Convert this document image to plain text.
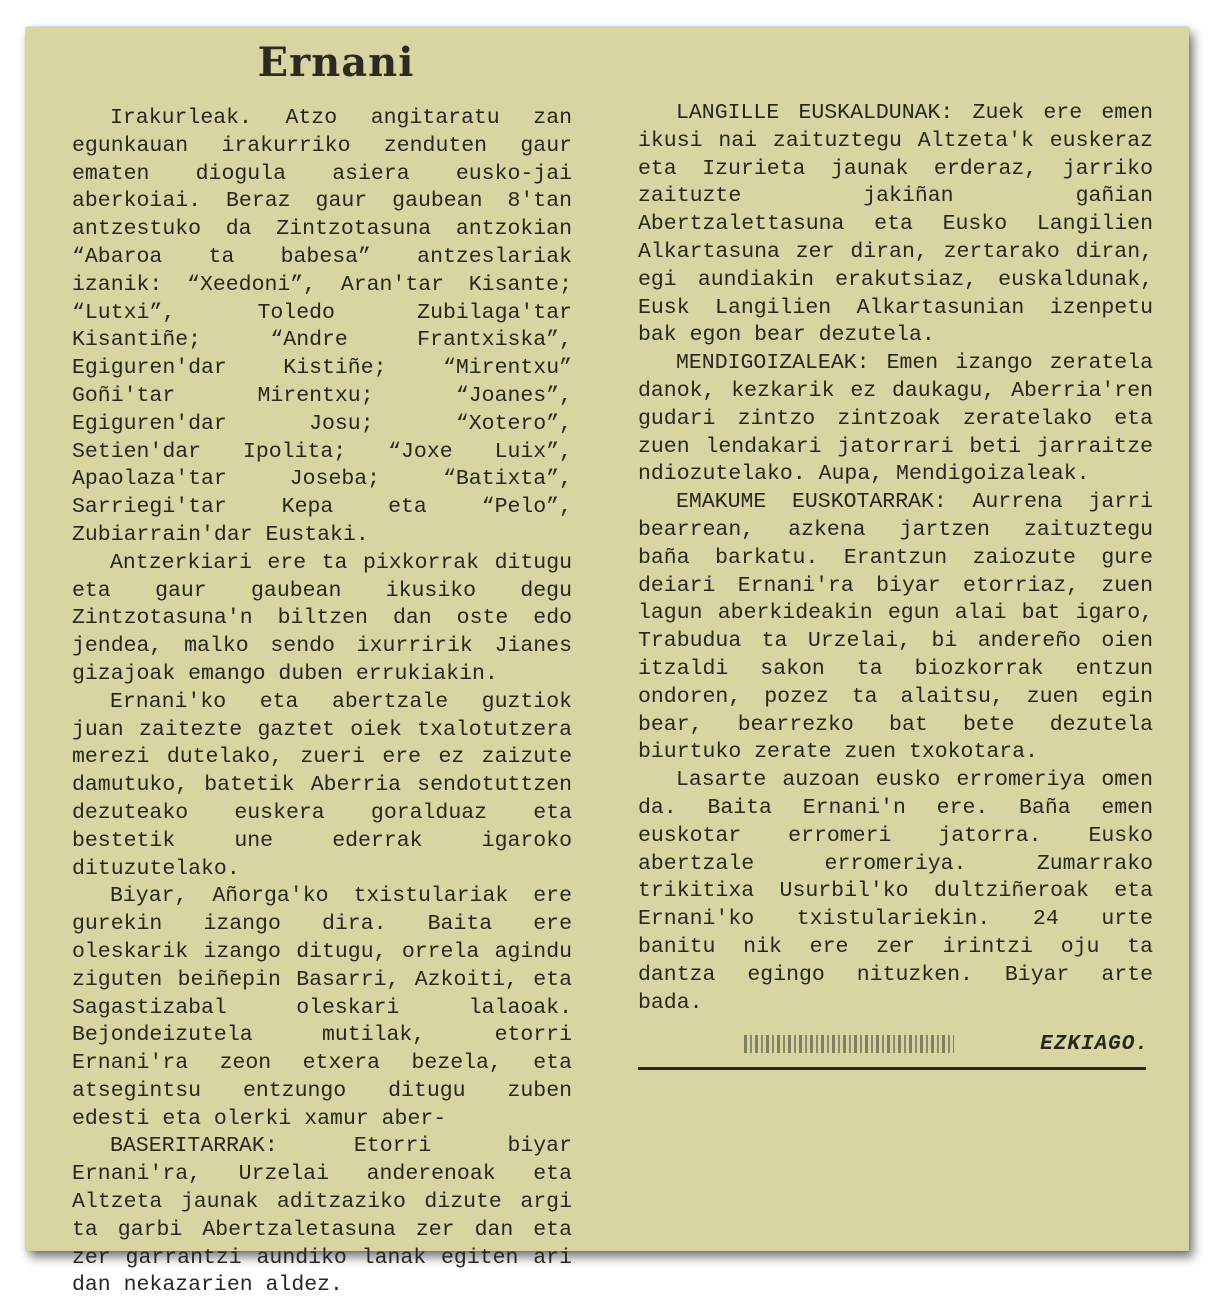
Ernani

Irakurleak. Atzo angitaratu zan egunkauan irakurriko zenduten gaur ematen diogula asiera eusko-jai aberkoiai. Beraz gaur gaubean 8'tan antzestuko da Zintzotasuna antzokian “Abaroa ta babesa” antzeslariak izanik: “Xeedoni”, Aran'tar Kisante; “Lutxi”, Toledo Zubilaga'tar Kisantiñe; “Andre Frantxiska”, Egiguren'dar Kistiñe; “Mirentxu” Goñi'tar Mirentxu; “Joanes”, Egiguren'dar Josu; “Xotero”, Setien'dar Ipolita; “Joxe Luix”, Apaolaza'tar Joseba; “Batixta”, Sarriegi'tar Kepa eta “Pelo”, Zubiarrain'dar Eustaki.

Antzerkiari ere ta pixkorrak ditugu eta gaur gaubean ikusiko degu Zintzotasuna'n biltzen dan oste edo jendea, malko sendo ixurririk Jianes gizajoak emango duben errukiakin.

Ernani'ko eta abertzale guztiok juan zaitezte gaztet oiek txalotutzera merezi dutelako, zueri ere ez zaizute damutuko, batetik Aberria sendotuttzen dezuteako euskera goralduaz eta bestetik une ederrak igaroko dituzutelako.

Biyar, Añorga'ko txistulariak ere gurekin izango dira. Baita ere oleskarik izango ditugu, orrela agindu ziguten beiñepin Basarri, Azkoiti, eta Sagastizabal oleskari lalaoak. Bejondeizutela mutilak, etorri Ernani'ra zeon etxera bezela, eta atsegintsu entzungo ditugu zuben edesti eta olerki xamur aber-

BASERITARRAK: Etorri biyar Ernani'ra, Urzelai anderenoak eta Altzeta jaunak aditzaziko dizute argi ta garbi Abertzaletasuna zer dan eta zer garrantzi aundiko lanak egiten ari dan nekazarien aldez.

LANGILLE EUSKALDUNAK: Zuek ere emen ikusi nai zaituztegu Altzeta'k euskeraz eta Izurieta jaunak erderaz, jarriko zaituzte jakiñan gañian Abertzalettasuna eta Eusko Langilien Alkartasuna zer diran, zertarako diran, egi aundiakin erakutsiaz, euskaldunak, Eusk Langilien Alkartasunian izenpetu bak egon bear dezutela.

MENDIGOIZALEAK: Emen izango zeratela danok, kezkarik ez daukagu, Aberria'ren gudari zintzo zintzoak zeratelako eta zuen lendakari jatorrari beti jarraitze ndiozutelako. Aupa, Mendigoizaleak.

EMAKUME EUSKOTARRAK: Aurrena jarri bearrean, azkena jartzen zaituztegu baña barkatu. Erantzun zaiozute gure deiari Ernani'ra biyar etorriaz, zuen lagun aberkideakin egun alai bat igaro, Trabudua ta Urzelai, bi andereño oien itzaldi sakon ta biozkorrak entzun ondoren, pozez ta alaitsu, zuen egin bear, bearrezko bat bete dezutela biurtuko zerate zuen txokotara.

Lasarte auzoan eusko erromeriya omen da. Baita Ernani'n ere. Baña emen euskotar erromeri jatorra. Eusko abertzale erromeriya. Zumarrako trikitixa Usurbil'ko dultziñeroak eta Ernani'ko txistulariekin. 24 urte banitu nik ere zer irintzi oju ta dantza egingo nituzken. Biyar arte bada.

EZKIAGO.
